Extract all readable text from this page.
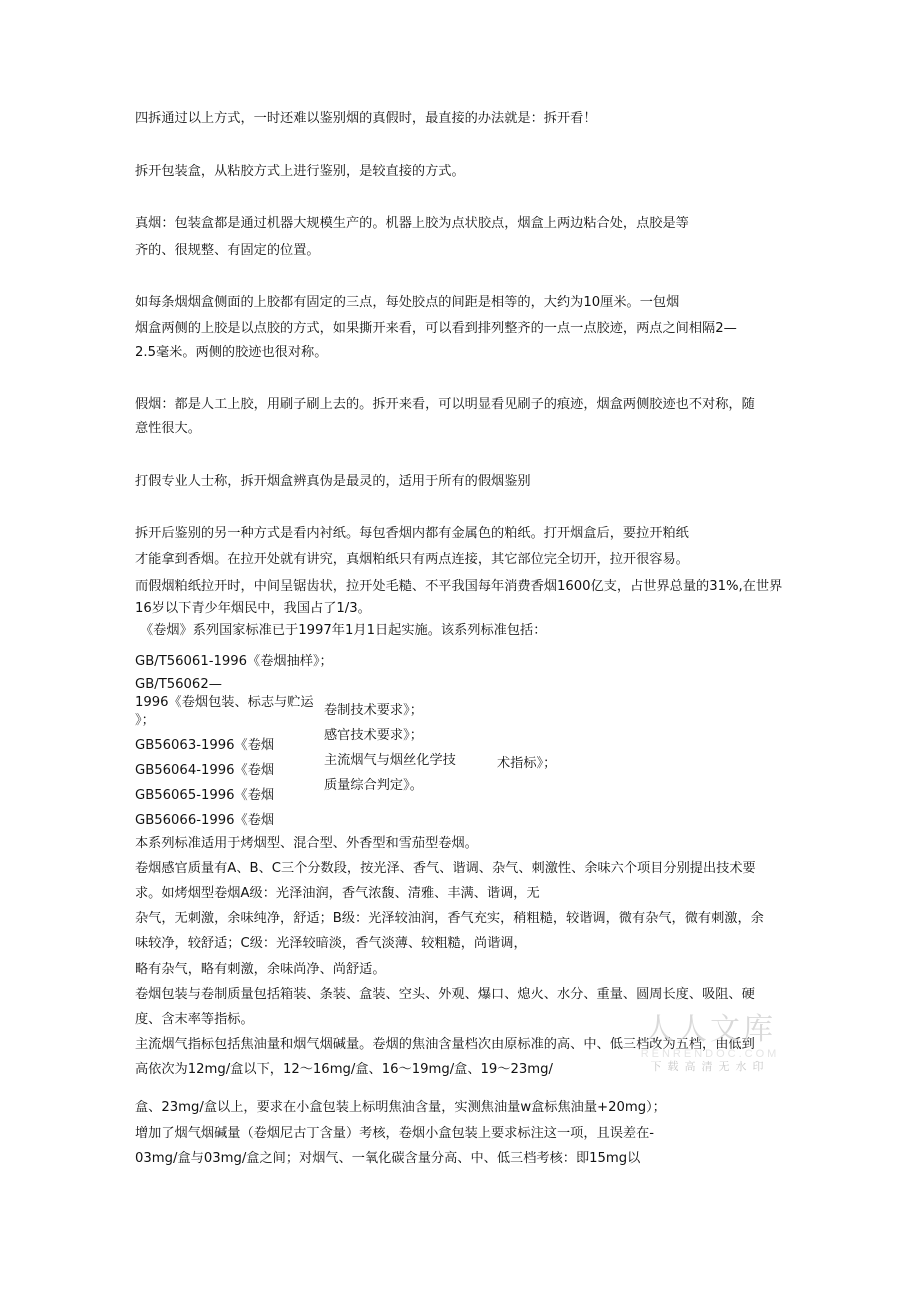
四拆通过以上方式，一时还难以鉴别烟的真假时，最直接的办法就是：拆开看！
拆开包装盒，从粘胶方式上进行鉴别，是较直接的方式。
真烟：包装盒都是通过机器大规模生产的。机器上胶为点状胶点，烟盒上两边粘合处，点胶是等
齐的、很规整、有固定的位置。
如每条烟烟盒侧面的上胶都有固定的三点，每处胶点的间距是相等的，大约为10厘米。一包烟
烟盒两侧的上胶是以点胶的方式，如果撕开来看，可以看到排列整齐的一点一点胶迹，两点之间相隔2—
2.5毫米。两侧的胶迹也很对称。
假烟：都是人工上胶，用刷子刷上去的。拆开来看，可以明显看见刷子的痕迹，烟盒两侧胶迹也不对称，随
意性很大。
打假专业人士称，拆开烟盒辨真伪是最灵的，适用于所有的假烟鉴别
拆开后鉴别的另一种方式是看内衬纸。每包香烟内都有金属色的粕纸。打开烟盒后，要拉开粕纸
才能拿到香烟。在拉开处就有讲究，真烟粕纸只有两点连接，其它部位完全切开，拉开很容易。
而假烟粕纸拉开时，中间呈锯齿状，拉开处毛糙、不平我国每年消费香烟1600亿支，占世界总量的31%,在世界16岁以下青少年烟民中，我国占了1/3。
《卷烟》系列国家标准已于1997年1月1日起实施。该系列标准包括：
GB/T56061-1996《卷烟抽样》；
GB/T56062—
1996《卷烟包装、标志与贮运
》；
GB56063-1996《卷烟
GB56064-1996《卷烟
GB56065-1996《卷烟
GB56066-1996《卷烟
卷制技术要求》；
感官技术要求》；
主流烟气与烟丝化学技
质量综合判定》。
术指标》；
本系列标准适用于烤烟型、混合型、外香型和雪茄型卷烟。
卷烟感官质量有A、B、C三个分数段，按光泽、香气、谐调、杂气、刺激性、余味六个项目分别提出技术要
求。如烤烟型卷烟A级：光泽油润，香气浓馥、清雅、丰满、谐调，无
杂气，无刺激，余味纯净，舒适；B级：光泽较油润，香气充实，稍粗糙，较谐调，微有杂气，微有刺激，余
味较净，较舒适；C级：光泽较暗淡，香气淡薄、较粗糙，尚谐调，
略有杂气，略有刺激，余味尚净、尚舒适。
卷烟包装与卷制质量包括箱装、条装、盒装、空头、外观、爆口、熄火、水分、重量、圆周长度、吸阻、硬
度、含末率等指标。
主流烟气指标包括焦油量和烟气烟碱量。卷烟的焦油含量档次由原标准的高、中、低三档改为五档，由低到
高依次为12mg/盒以下，12〜16mg/盒、16〜19mg/盒、19〜23mg/
盒、23mg/盒以上，要求在小盒包装上标明焦油含量，实测焦油量w盒标焦油量+20mg）；
增加了烟气烟碱量（卷烟尼古丁含量）考核，卷烟小盒包装上要求标注这一项，且误差在-
03mg/盒与03mg/盒之间；对烟气、一氧化碳含量分高、中、低三档考核：即15mg以
人人文库
RENRENDOC.COM
下载高清无水印
